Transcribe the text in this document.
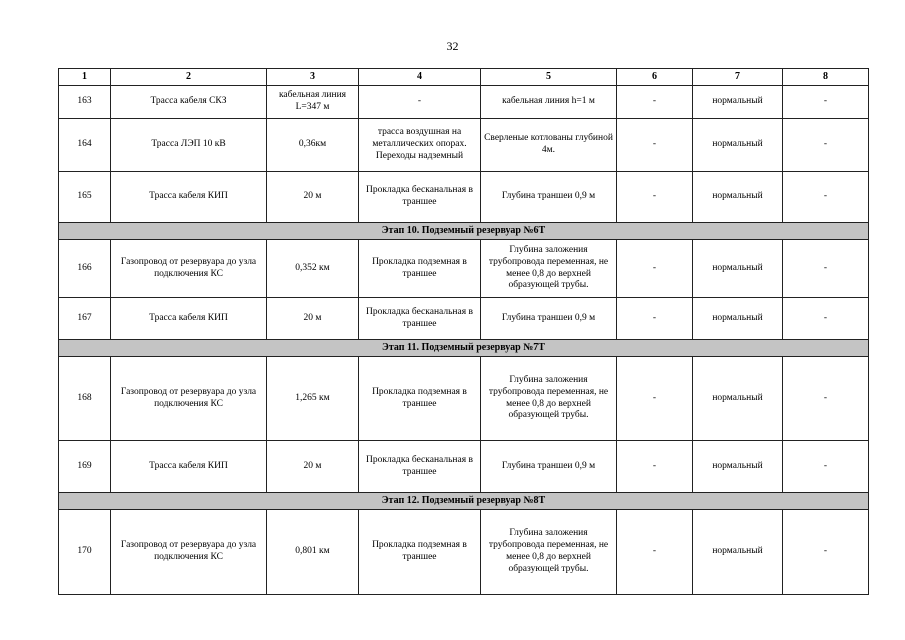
32
1	2	3	4	5	6	7	8
163	Трасса кабеля СКЗ	кабельная линия L=347 м	-	кабельная линия h=1 м	-	нормальный	-
164	Трасса ЛЭП 10 кВ	0,36км	трасса воздушная на металлических опорах. Переходы надземный	Сверленые котлованы глубиной 4м.	-	нормальный	-
165	Трасса кабеля КИП	20 м	Прокладка бесканальная в траншее	Глубина траншеи 0,9 м	-	нормальный	-
Этап 10. Подземный резервуар №6Т							
166	Газопровод от резервуара до узла подключения КС	0,352 км	Прокладка подземная в траншее	Глубина заложения трубопровода переменная, не менее 0,8 до верхней образующей трубы.	-	нормальный	-
167	Трасса кабеля КИП	20 м	Прокладка бесканальная в траншее	Глубина траншеи 0,9 м	-	нормальный	-
Этап 11. Подземный резервуар №7Т							
168	Газопровод от резервуара до узла подключения КС	1,265 км	Прокладка подземная в траншее	Глубина заложения трубопровода переменная, не менее 0,8 до верхней образующей трубы.	-	нормальный	-
169	Трасса кабеля КИП	20 м	Прокладка бесканальная в траншее	Глубина траншеи 0,9 м	-	нормальный	-
Этап 12. Подземный резервуар №8Т							
170	Газопровод от резервуара до узла подключения КС	0,801 км	Прокладка подземная в траншее	Глубина заложения трубопровода переменная, не менее 0,8 до верхней образующей трубы.	-	нормальный	-
